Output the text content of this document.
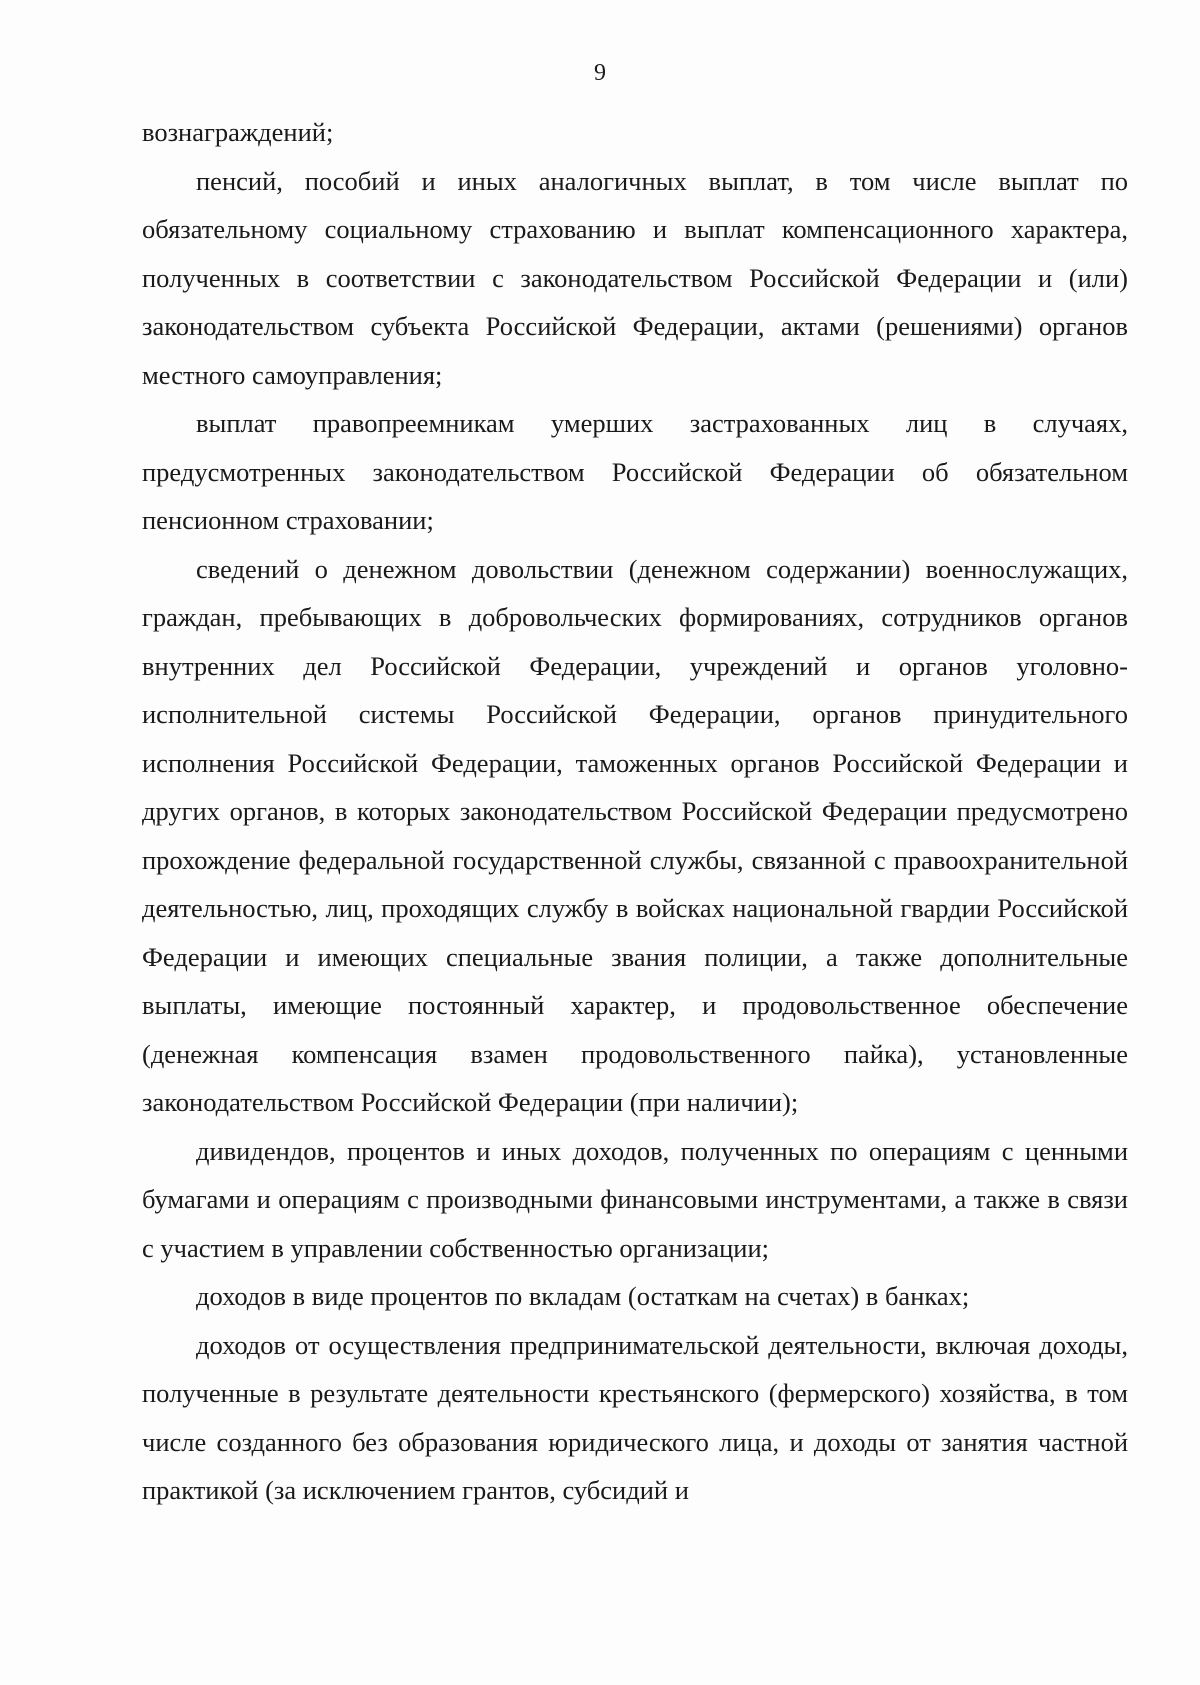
9

вознаграждений;

пенсий, пособий и иных аналогичных выплат, в том числе выплат по обязательному социальному страхованию и выплат компенсационного характера, полученных в соответствии с законодательством Российской Федерации и (или) законодательством субъекта Российской Федерации, актами (решениями) органов местного самоуправления;

выплат правопреемникам умерших застрахованных лиц в случаях, предусмотренных законодательством Российской Федерации об обязательном пенсионном страховании;

сведений о денежном довольствии (денежном содержании) военнослужащих, граждан, пребывающих в добровольческих формированиях, сотрудников органов внутренних дел Российской Федерации, учреждений и органов уголовно-исполнительной системы Российской Федерации, органов принудительного исполнения Российской Федерации, таможенных органов Российской Федерации и других органов, в которых законодательством Российской Федерации предусмотрено прохождение федеральной государственной службы, связанной с правоохранительной деятельностью, лиц, проходящих службу в войсках национальной гвардии Российской Федерации и имеющих специальные звания полиции, а также дополнительные выплаты, имеющие постоянный характер, и продовольственное обеспечение (денежная компенсация взамен продовольственного пайка), установленные законодательством Российской Федерации (при наличии);

дивидендов, процентов и иных доходов, полученных по операциям с ценными бумагами и операциям с производными финансовыми инструментами, а также в связи с участием в управлении собственностью организации;

доходов в виде процентов по вкладам (остаткам на счетах) в банках;

доходов от осуществления предпринимательской деятельности, включая доходы, полученные в результате деятельности крестьянского (фермерского) хозяйства, в том числе созданного без образования юридического лица, и доходы от занятия частной практикой (за исключением грантов, субсидий и
